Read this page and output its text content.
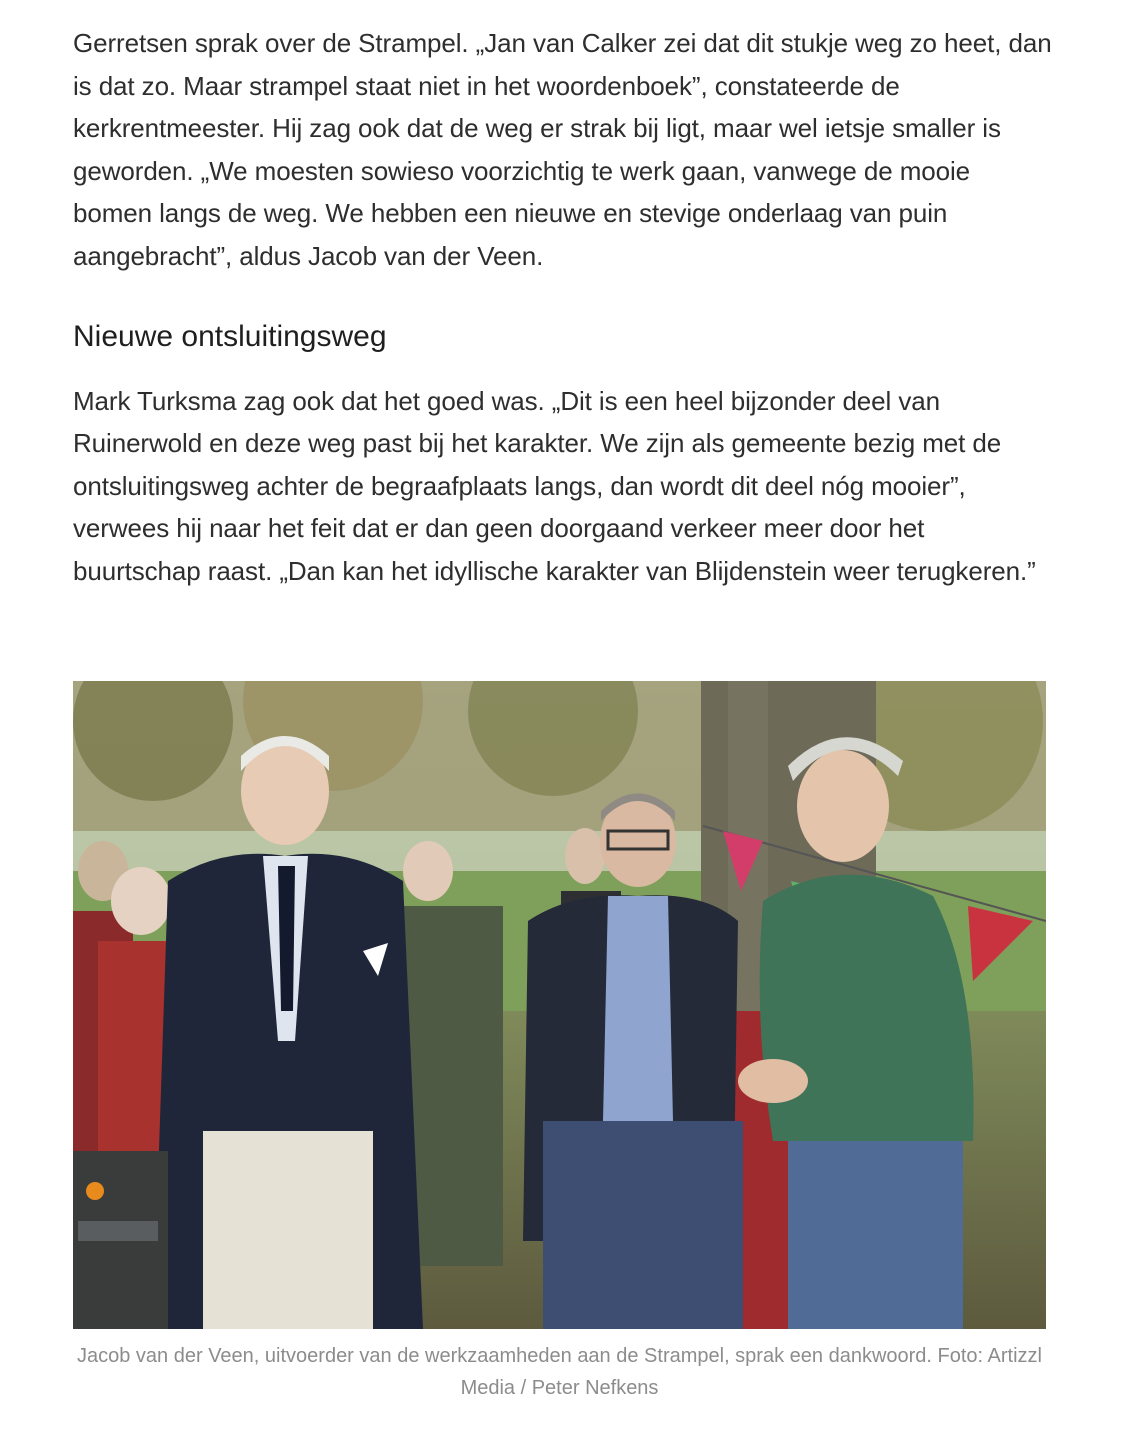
Gerretsen sprak over de Strampel. „Jan van Calker zei dat dit stukje weg zo heet, dan is dat zo. Maar strampel staat niet in het woordenboek”, constateerde de kerkrentmeester. Hij zag ook dat de weg er strak bij ligt, maar wel ietsje smaller is geworden. „We moesten sowieso voorzichtig te werk gaan, vanwege de mooie bomen langs de weg. We hebben een nieuwe en stevige onderlaag van puin aangebracht”, aldus Jacob van der Veen.

Nieuwe ontsluitingsweg

Mark Turksma zag ook dat het goed was. „Dit is een heel bijzonder deel van Ruinerwold en deze weg past bij het karakter. We zijn als gemeente bezig met de ontsluitingsweg achter de begraafplaats langs, dan wordt dit deel nóg mooier”, verwees hij naar het feit dat er dan geen doorgaand verkeer meer door het buurtschap raast. „Dan kan het idyllische karakter van Blijdenstein weer terugkeren.”

Jacob van der Veen, uitvoerder van de werkzaamheden aan de Strampel, sprak een dankwoord. Foto: Artizzl Media / Peter Nefkens
